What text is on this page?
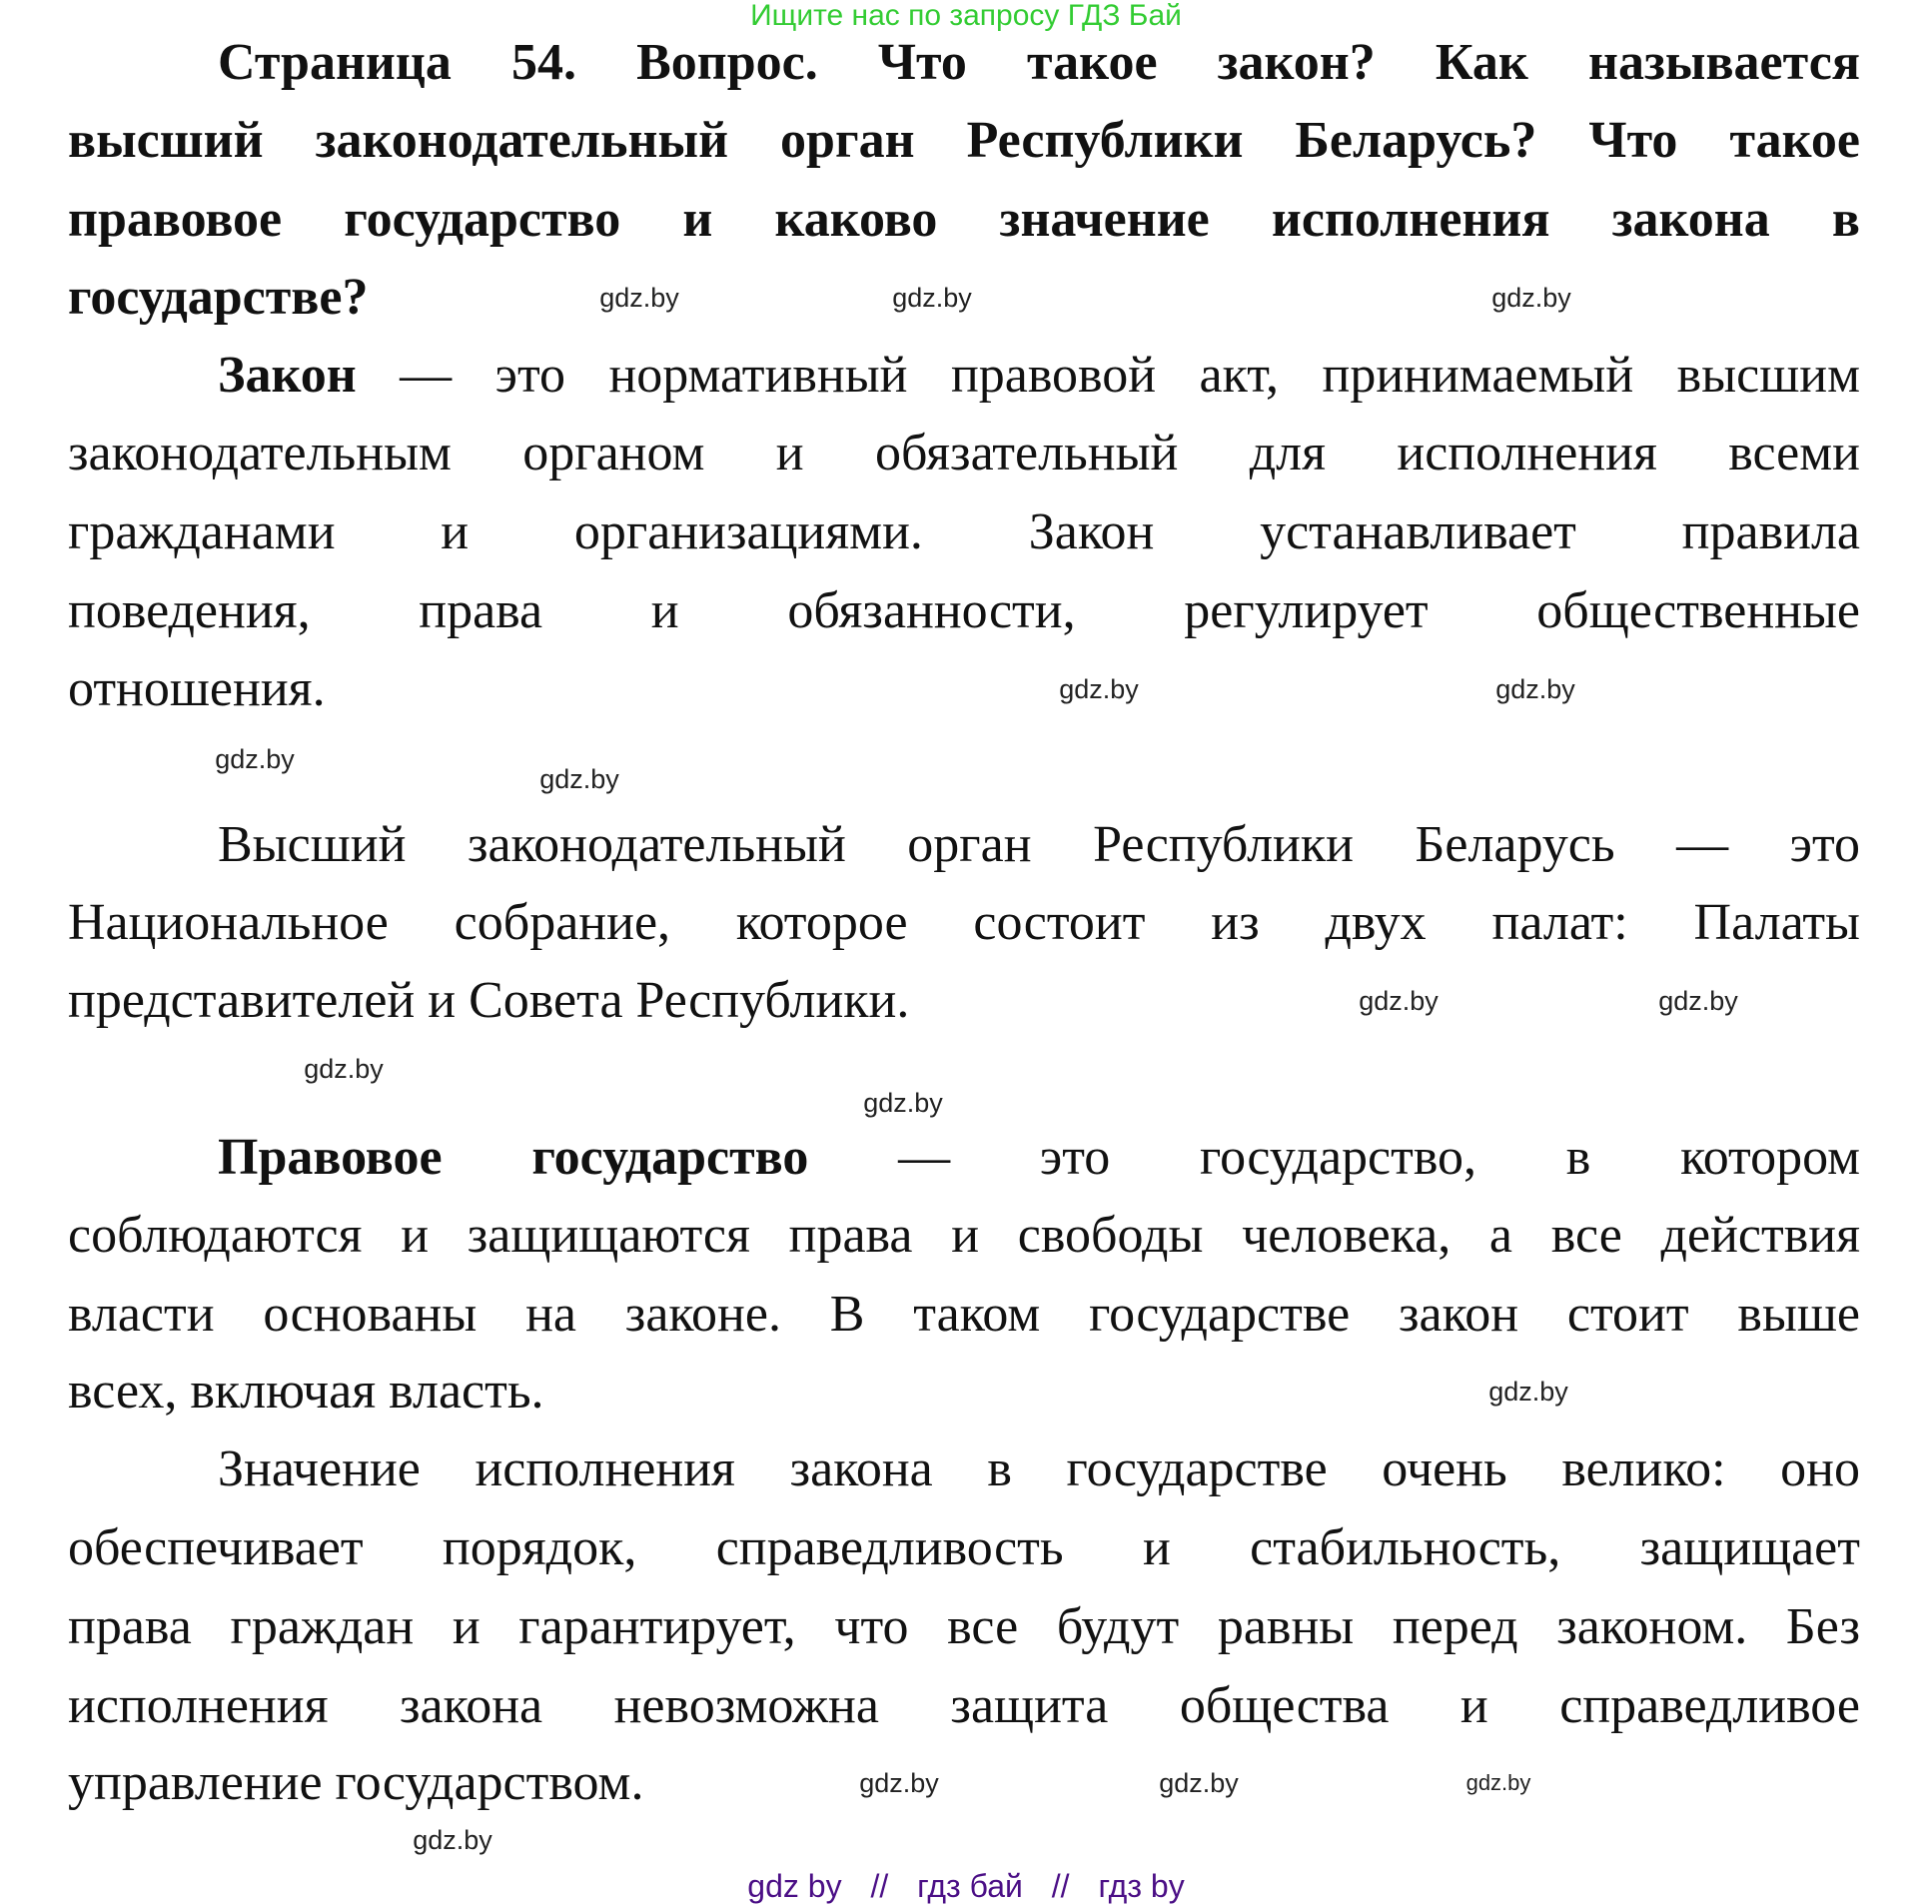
Ищите нас по запросу ГДЗ Бай
Страница 54. Вопрос. Что такое закон? Как называется
высший законодательный орган Республики Беларусь? Что такое
правовое государство и каково значение исполнения закона в
государстве?
Закон — это нормативный правовой акт, принимаемый высшим
законодательным органом и обязательный для исполнения всеми
гражданами и организациями. Закон устанавливает правила
поведения, права и обязанности, регулирует общественные
отношения.
Высший законодательный орган Республики Беларусь — это
Национальное собрание, которое состоит из двух палат: Палаты
представителей и Совета Республики.
Правовое государство — это государство, в котором
соблюдаются и защищаются права и свободы человека, а все действия
власти основаны на законе. В таком государстве закон стоит выше
всех, включая власть.
Значение исполнения закона в государстве очень велико: оно
обеспечивает порядок, справедливость и стабильность, защищает
права граждан и гарантирует, что все будут равны перед законом. Без
исполнения закона невозможна защита общества и справедливое
управление государством.
gdz.by
gdz.by
gdz.by
gdz.by	gdz.by
gdz.by
gdz.by
gdz.by	gdz.by
gdz.by
gdz.by
gdz.by
gdz.by
gdz.by
gdz.by
gdz.by
gdz by // гдз бай // гдз by
